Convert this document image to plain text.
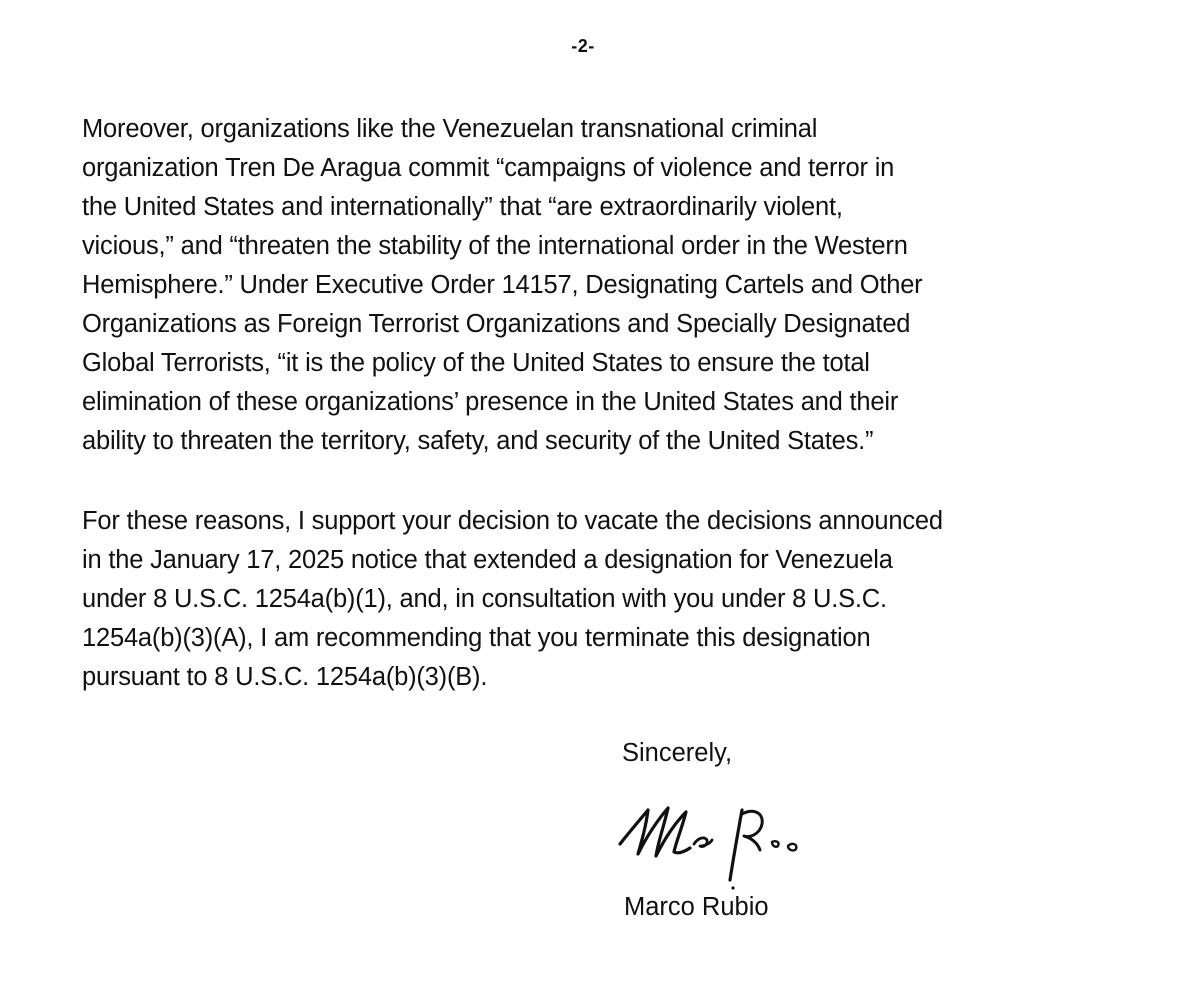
-2-

Moreover, organizations like the Venezuelan transnational criminal
organization Tren De Aragua commit “campaigns of violence and terror in
the United States and internationally” that “are extraordinarily violent,
vicious,” and “threaten the stability of the international order in the Western
Hemisphere.” Under Executive Order 14157, Designating Cartels and Other
Organizations as Foreign Terrorist Organizations and Specially Designated
Global Terrorists, “it is the policy of the United States to ensure the total
elimination of these organizations’ presence in the United States and their
ability to threaten the territory, safety, and security of the United States.”

For these reasons, I support your decision to vacate the decisions announced
in the January 17, 2025 notice that extended a designation for Venezuela
under 8 U.S.C. 1254a(b)(1), and, in consultation with you under 8 U.S.C.
1254a(b)(3)(A), I am recommending that you terminate this designation
pursuant to 8 U.S.C. 1254a(b)(3)(B).

Sincerely,
Marco Rubio
